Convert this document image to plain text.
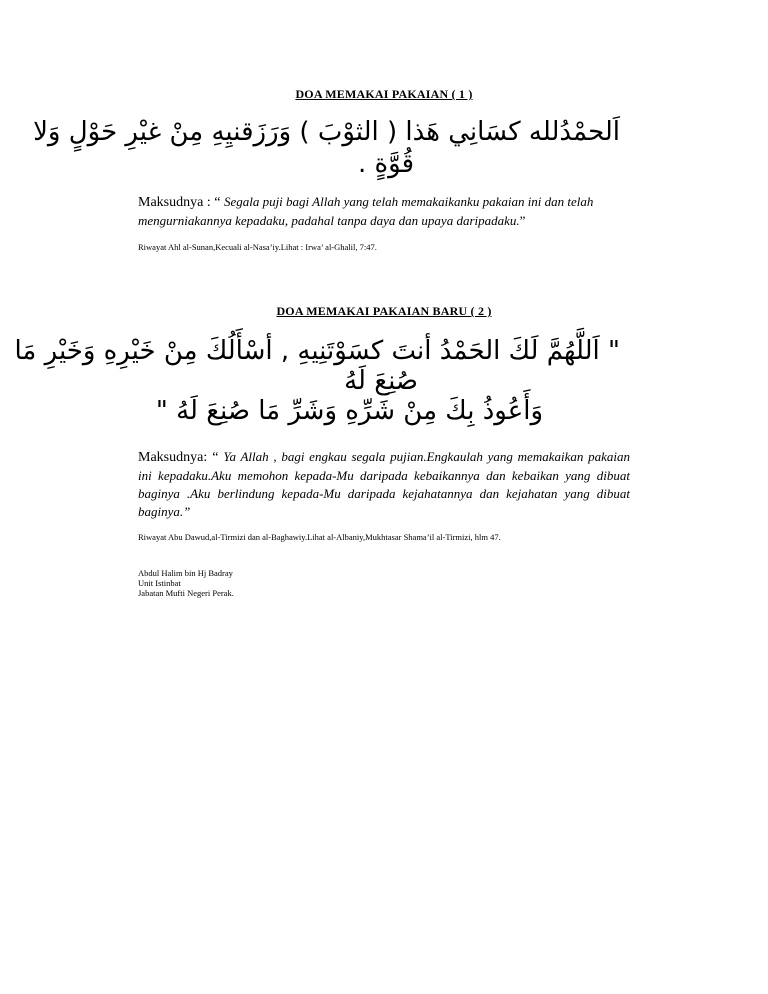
DOA MEMAKAI PAKAIAN ( 1 )
اَلحمْدُلله كسَانِي هَذا ( الثوْبَ ) وَرَزَقنيِهِ مِنْ غيْرِ حَوْلٍ وَلا
قُوَّةٍ .
Maksudnya : “ Segala puji bagi Allah yang telah memakaikanku pakaian ini dan telah mengurniakannya kepadaku, padahal tanpa daya dan upaya daripadaku.”
Riwayat Ahl al-Sunan,Kecuali al-Nasa’iy.Lihat : Irwa’ al-Ghalil, 7:47.
DOA MEMAKAI PAKAIAN BARU ( 2 )
" اَللَّهُمَّ لَكَ الحَمْدُ أنتَ كسَوْتَنِيهِ , أسْأَلُكَ مِنْ خَيْرِهِ وَخَيْرِ مَا
صُنِعَ لَهُ
وَأَعُوذُ بِكَ مِنْ شَرِّهِ وَشَرِّ مَا صُنِعَ لَهُ "
Maksudnya: “ Ya Allah , bagi engkau segala pujian.Engkaulah yang memakaikan pakaian ini kepadaku.Aku memohon kepada-Mu daripada kebaikannya dan kebaikan yang dibuat baginya .Aku berlindung kepada-Mu daripada kejahatannya dan kejahatan yang dibuat baginya.”
Riwayat Abu Dawud,al-Tirmizi dan al-Baghawiy.Lihat al-Albaniy,Mukhtasar Shama’il al-Tirmizi, hlm 47.
Abdul Halim bin Hj Badray
Unit Istinbat
Jabatan Mufti Negeri Perak.
